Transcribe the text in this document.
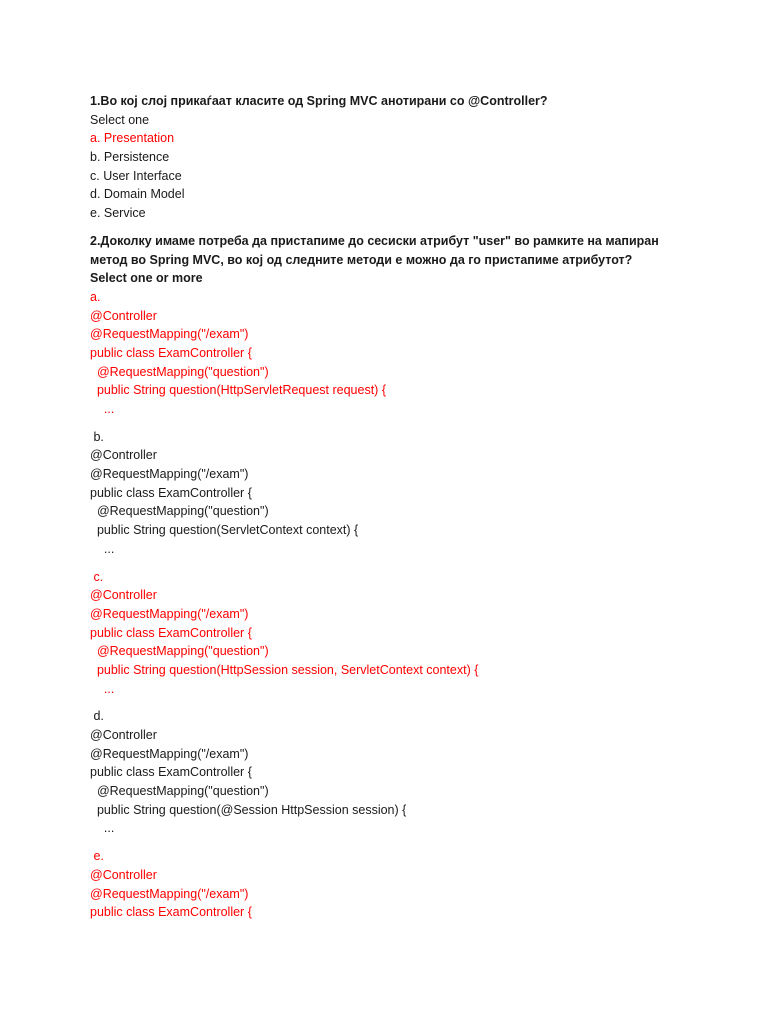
1.Во кој слој прикаѓаат класите од Spring MVC анотирани со @Controller?
Select one
a. Presentation
b. Persistence
c. User Interface
d. Domain Model
e. Service
2.Доколку имаме потреба да пристапиме до сесиски атрибут "user" во рамките на мапиран
метод во Spring MVC, во кој од следните методи е можно да го пристапиме атрибутот?
Select one or more
a.
@Controller
@RequestMapping("/exam")
public class ExamController {
@RequestMapping("question")
public String question(HttpServletRequest request) {
...
b.
@Controller
@RequestMapping("/exam")
public class ExamController {
@RequestMapping("question")
public String question(ServletContext context) {
...
c.
@Controller
@RequestMapping("/exam")
public class ExamController {
@RequestMapping("question")
public String question(HttpSession session, ServletContext context) {
...
d.
@Controller
@RequestMapping("/exam")
public class ExamController {
@RequestMapping("question")
public String question(@Session HttpSession session) {
...
e.
@Controller
@RequestMapping("/exam")
public class ExamController {
